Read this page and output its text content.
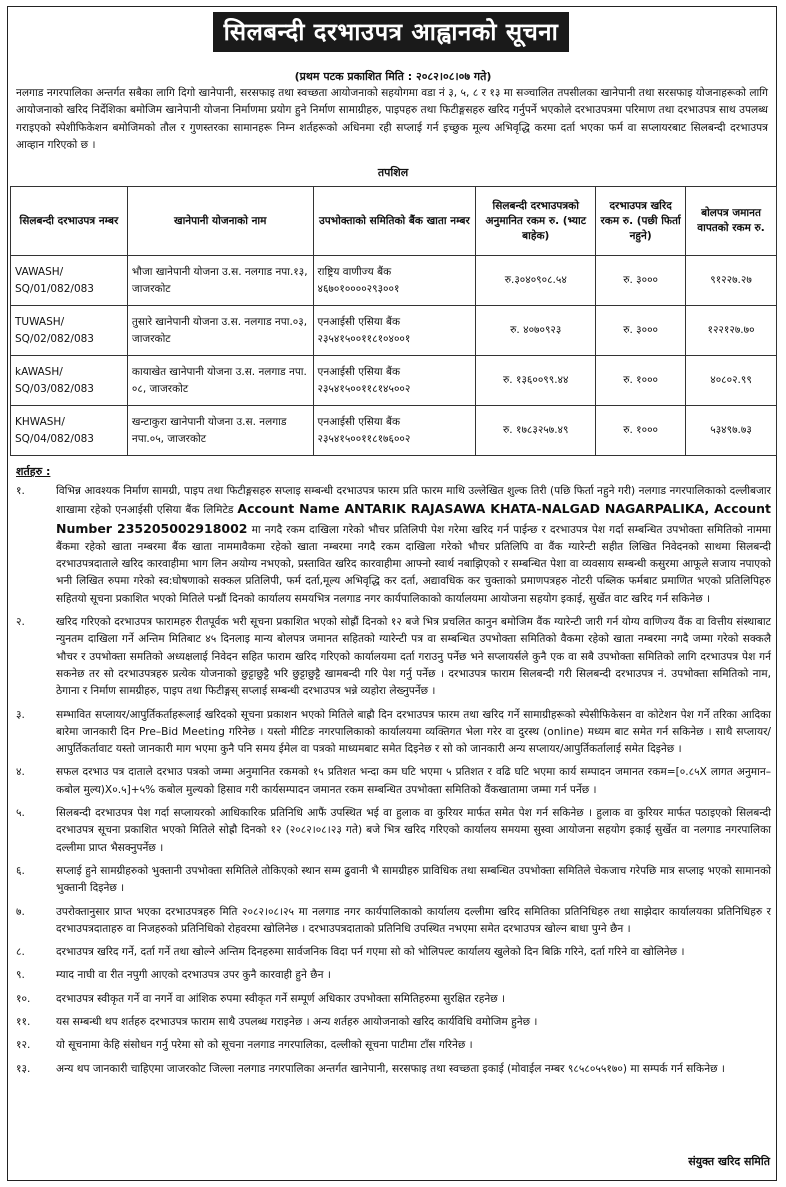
सिलबन्दी दरभाउपत्र आह्वानको सूचना
(प्रथम पटक प्रकाशित मिति : २०८२।०८।०७ गते)
नलगाड नगरपालिका अन्तर्गत सबैका लागि दिगो खानेपानी, सरसफाइ तथा स्वच्छता आयोजनाको सहयोगमा वडा नं ३, ५, ८ र १३ मा सञ्चालित तपसीलका खानेपानी तथा सरसफाइ योजनाहरूको लागि आयोजनाको खरिद निर्देशिका बमोजिम खानेपानी योजना निर्माणमा प्रयोग हुने निर्माण सामाग्रीहरु, पाइपहरु तथा फिटीङ्गसहरु खरिद गर्नुपर्ने भएकोले दरभाउपत्रमा परिमाण तथा दरभाउपत्र साथ उपलब्ध गराइएको स्पेशीफिकेशन बमोजिमको तौल र गुणस्तरका सामानहरू निम्न शर्तहरूको अधिनमा रही सप्लाई गर्न इच्छुक मूल्य अभिवृद्धि करमा दर्ता भएका फर्म वा सप्लायरबाट सिलबन्दी दरभाउपत्र आव्हान गरिएको छ ।
तपशिल
सिलबन्दी दरभाउपत्र नम्बर	खानेपानी योजनाको नाम	उपभोक्ताको समितिको बैंक खाता नम्बर	सिलबन्दी दरभाउपत्रको अनुमानित रकम रु. (भ्याट बाहेक)	दरभाउपत्र खरिद रकम रु. (पछी फिर्ता नहुने)	बोलपत्र जमानत वापतको रकम रु.
VAWASH/ SQ/01/082/083	भौजा खानेपानी योजना उ.स. नलगाड नपा.१३, जाजरकोट	राष्ट्रिय वाणीज्य बैंक ४६७०१००००२९३००१	रु.३०४०९०८.५४	रु. ३०००	९१२२७.२७
TUWASH/ SQ/02/082/083	तुसारे खानेपानी योजना उ.स. नलगाड नपा.०३, जाजरकोट	एनआईसी एसिया बैंक २३५४१५००११८१०४००१	रु. ४०७०९२३	रु. ३०००	१२२१२७.७०
kAWASH/ SQ/03/082/083	कायाखेत खानेपानी योजना उ.स. नलगाड नपा. ०८, जाजरकोट	एनआईसी एसिया बैंक २३५४१५००११८१४५००२	रु. १३६००९९.४४	रु. १०००	४०८०२.९९
KHWASH/ SQ/04/082/083	खन्टाकुरा खानेपानी योजना उ.स. नलगाड नपा.०५, जाजरकोट	एनआईसी एसिया बैंक २३५४१५००११८१७६००२	रु. १७८३२५७.४९	रु. १०००	५३४९७.७३
शर्तहरु :
१.	विभिन्न आवश्यक निर्माण सामग्री, पाइप तथा फिटीङ्गसहरु सप्लाइ सम्बन्धी दरभाउपत्र फारम प्रति फारम माथि उल्लेखित शुल्क तिरी (पछि फिर्ता नहुने गरी) नलगाड नगरपालिकाको दल्लीबजार शाखामा रहेको एनआईसी एसिया बैंक लिमिटेड Account Name ANTARIK RAJASAWA KHATA-NALGAD NAGARPALIKA, Account Number 23520500291800​2 मा नगदै रकम दाखिला गरेको भौचर प्रतिलिपी पेश गरेमा खरिद गर्न पाईन्छ र दरभाउपत्र पेश गर्दा सम्बन्धित उपभोक्ता समितिको नाममा बैंकमा रहेको खाता नम्बरमा बैंक खाता नाममावैकमा रहेको खाता नम्बरमा नगदै रकम दाखिला गरेको भौचर प्रतिलिपि वा वैंक ग्यारेन्टी सहीत लिखित निवेदनको साथमा सिलबन्दी दरभाउपत्रदाताले खरिद कारवाहीमा भाग लिन अयोग्य नभएको, प्रस्तावित खरिद कारवाहीमा आफ्नो स्वार्थ नबाझिएको र सम्बन्धित पेशा वा व्यवसाय सम्बन्धी कसुरमा आफूले सजाय नपाएको भनी लिखित रुपमा गरेको स्व:घोषणाको सक्कल प्रतिलिपी, फर्म दर्ता,मूल्य अभिवृद्धि कर दर्ता, अद्यावधिक कर चुक्ताको प्रमाणपत्रहरु नोटरी पब्लिक फर्मबाट प्रमाणित भएको प्रतिलिपिहरु सहितयो सूचना प्रकाशित भएको मितिले पन्ध्रौं दिनको कार्यालय समयभित्र नलगाड नगर कार्यपालिकाको कार्यालयमा आयोजना सहयोग इकाई, सुर्खेत वाट खरिद गर्न सकिनेछ ।
२.	खरिद गरिएको दरभाउपत्र फारामहरु रीतपूर्वक भरी सूचना प्रकाशित भएको सोह्रौं दिनको १२ बजे भित्र प्रचलित कानुन बमोजिम वैंक ग्यारेन्टी जारी गर्न योग्य वाणिज्य वैंक वा वित्तीय संस्थाबाट न्युनतम दाखिला गर्ने अन्तिम मितिबाट ४५ दिनलाइ मान्य बोलपत्र जमानत सहितको ग्यारेन्टी पत्र वा सम्बन्धित उपभोक्ता समितिको वैकमा रहेको खाता नम्बरमा नगदै जम्मा गरेको सक्कलै भौचर र उपभोक्ता समतिको अध्यक्षलाई निवेदन सहित फाराम खरिद गरिएको कार्यालयमा दर्ता गराउनु पर्नेछ भने सप्लायर्सले कुनै एक वा सबै उपभोक्ता समितिको लागि दरभाउपत्र पेश गर्न सकनेछ तर सो दरभाउपत्रहरु प्रत्येक योजनाको छुट्टाछुट्टै भरि छुट्टाछुट्टै खामबन्दी गरि पेश गर्नु पर्नेछ । दरभाउपत्र फाराम सिलबन्दी गरी सिलबन्दी दरभाउपत्र नं. उपभोक्ता समितिको नाम, ठेगाना र निर्माण सामग्रीहरु, पाइप तथा फिटीङ्गस् सप्लाई सम्बन्धी दरभाउपत्र भन्ने व्यहोरा लेख्नुपर्नेछ ।
३.	सम्भावित सप्लायर/आपुर्तिकर्ताहरूलाई खरिदको सूचना प्रकाशन भएको मितिले बाह्रौ दिन दरभाउपत्र फारम तथा खरिद गर्ने सामाग्रीहरूको स्पेसीफिकेसन वा कोटेशन पेश गर्ने तरिका आदिका बारेमा जानकारी दिन Pre–Bid Meeting गरिनेछ । यस्तो मीटिङ नगरपालिकाको कार्यालयमा व्यक्तिगत भेला गरेर वा दुरस्थ (online) मध्यम बाट समेत गर्न सकिनेछ । साथै सप्लायर/आपुर्तिकर्तावाट यस्तो जानकारी माग भएमा कुनै पनि समय ईमेल वा पत्रको माध्यमबाट समेत दिइनेछ र सो को जानकारी अन्य सप्लायर/आपुर्तिकर्तालाई समेत दिइनेछ ।
४.	सफल दरभाउ पत्र दाताले दरभाउ पत्रको जम्मा अनुमानित रकमको १५ प्रतिशत भन्दा कम घटि भएमा ५ प्रतिशत र वढि घटि भएमा कार्य सम्पादन जमानत रकम=[०.८५X लागत अनुमान–कबोल मुल्य)X०.५]+५% कबोल मुल्यको हिसाव गरी कार्यसम्पादन जमानत रकम सम्बन्धित उपभोक्ता समितिको वैंकखातामा जम्मा गर्न पर्नेछ ।
५.	सिलबन्दी दरभाउपत्र पेश गर्दा सप्लायरको आधिकारिक प्रतिनिधि आफैं उपस्थित भई वा हुलाक वा कुरियर मार्फत समेत पेश गर्न सकिनेछ । हुलाक वा कुरियर मार्फत पठाइएको सिलबन्दी दरभाउपत्र सूचना प्रकाशित भएको मितिले सोह्रौ दिनको १२ (२०८२।०८।२३ गते) बजे भित्र खरिद गरिएको कार्यालय समयमा सुस्वा आयोजना सहयोग इकाई सुर्खेत वा नलगाड नगरपालिका दल्लीमा प्राप्त भैसक्नुपर्नेछ ।
६.	सप्लाई हुने सामग्रीहरुको भुक्तानी उपभोक्ता समितिले तोकिएको स्थान सम्म ढुवानी भै सामग्रीहरु प्राविधिक तथा सम्बन्धित उपभोक्ता समितिले चेकजाच गरेपछि मात्र सप्लाइ भएको सामानको भुक्तानी दिइनेछ ।
७.	उपरोक्तानुसार प्राप्त भएका दरभाउपत्रहरु मिति २०८२।०८।२५ मा नलगाड नगर कार्यपालिकाको कार्यालय दल्लीमा खरिद समितिका प्रतिनिधिहरु तथा साझेदार कार्यालयका प्रतिनिधिहरु र दरभाउपत्रदाताहरु वा निजहरुको प्रतिनिधिको रोहवरमा खोलिनेछ । दरभाउपत्रदाताको प्रतिनिधि उपस्थित नभएमा समेत दरभाउपत्र खोल्न बाधा पुग्ने छैन ।
८.	दरभाउपत्र खरिद गर्ने, दर्ता गर्ने तथा खोल्ने अन्तिम दिनहरुमा सार्वजनिक विदा पर्न गएमा सो को भोलिपल्ट कार्यालय खुलेको दिन बिक्रि गरिने, दर्ता गरिने वा खोलिनेछ ।
९.	म्याद नाघी वा रीत नपुगी आएको दरभाउपत्र उपर कुनै कारवाही हुने छैन ।
१०.	दरभाउपत्र स्वीकृत गर्ने वा नगर्ने वा आंशिक रुपमा स्वीकृत गर्ने सम्पूर्ण अधिकार उपभोक्ता समितिहरुमा सुरक्षित रहनेछ ।
११.	यस सम्बन्धी थप शर्तहरु दरभाउपत्र फाराम साथै उपलब्ध गराइनेछ । अन्य शर्तहरु आयोजनाको खरिद कार्यविधि वमोजिम हुनेछ ।
१२.	यो सूचनामा केहि संसोधन गर्नु परेमा सो को सूचना नलगाड नगरपालिका, दल्लीको सूचना पाटीमा टाँस गरिनेछ ।
१३.	अन्य थप जानकारी चाहिएमा जाजरकोट जिल्ला नलगाड नगरपालिका अन्तर्गत खानेपानी, सरसफाइ तथा स्वच्छता इकाई (मोवाईल नम्बर ९८५८०५५१७०) मा सम्पर्क गर्न सकिनेछ ।
संयुक्त खरिद समिति
